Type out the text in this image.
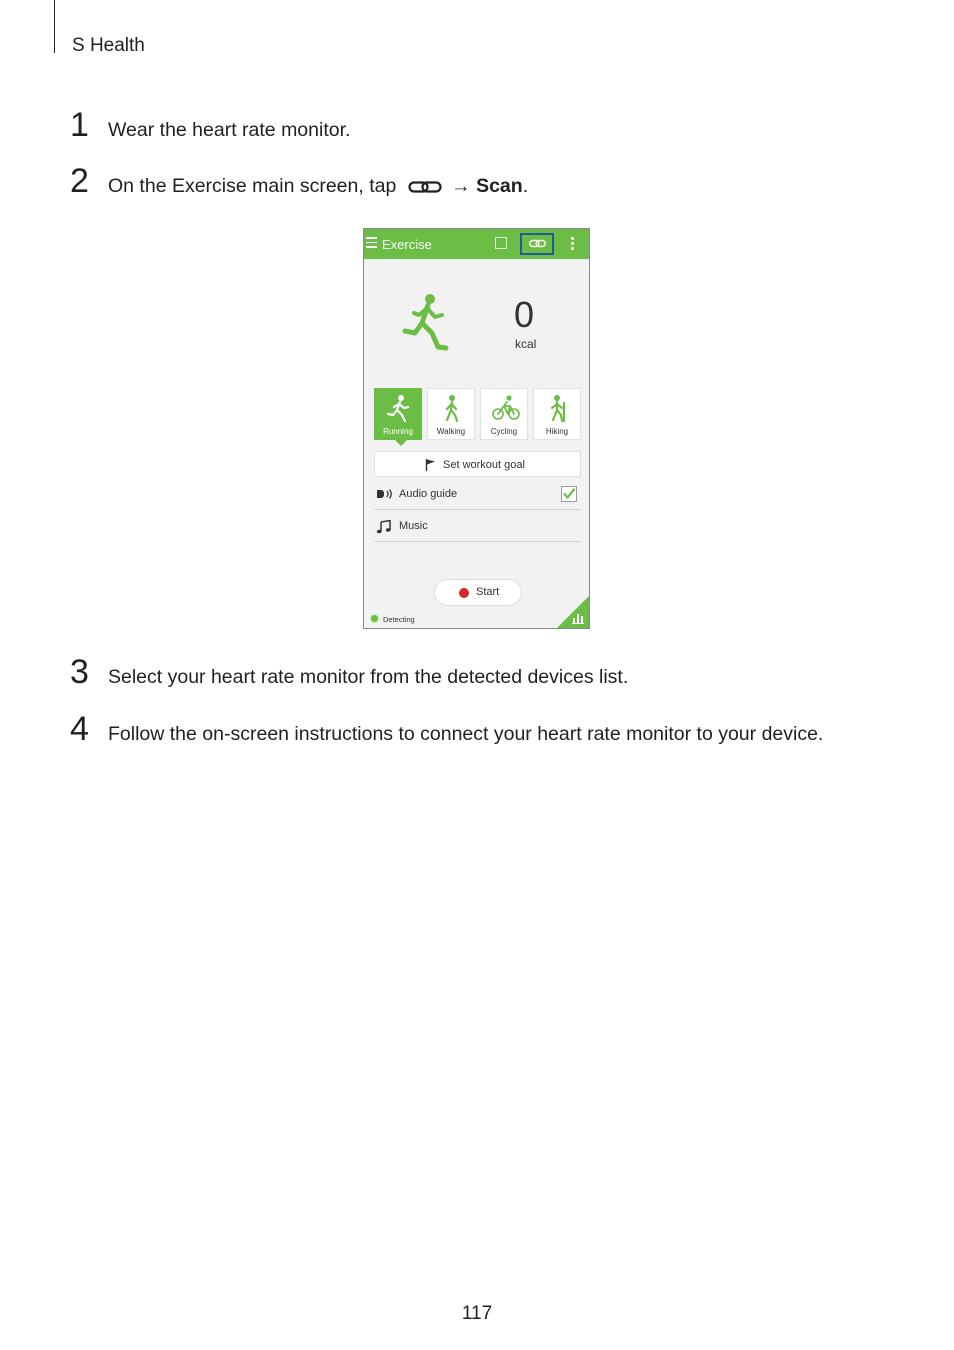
S Health
1 Wear the heart rate monitor.
2 On the Exercise main screen, tap	→ Scan.
Exercise
0
kcal
Running	Walking	Cycling	Hiking
Set workout goal
Audio guide
Music
Start
Detecting
3 Select your heart rate monitor from the detected devices list.
4 Follow the on-screen instructions to connect your heart rate monitor to your device.
117
